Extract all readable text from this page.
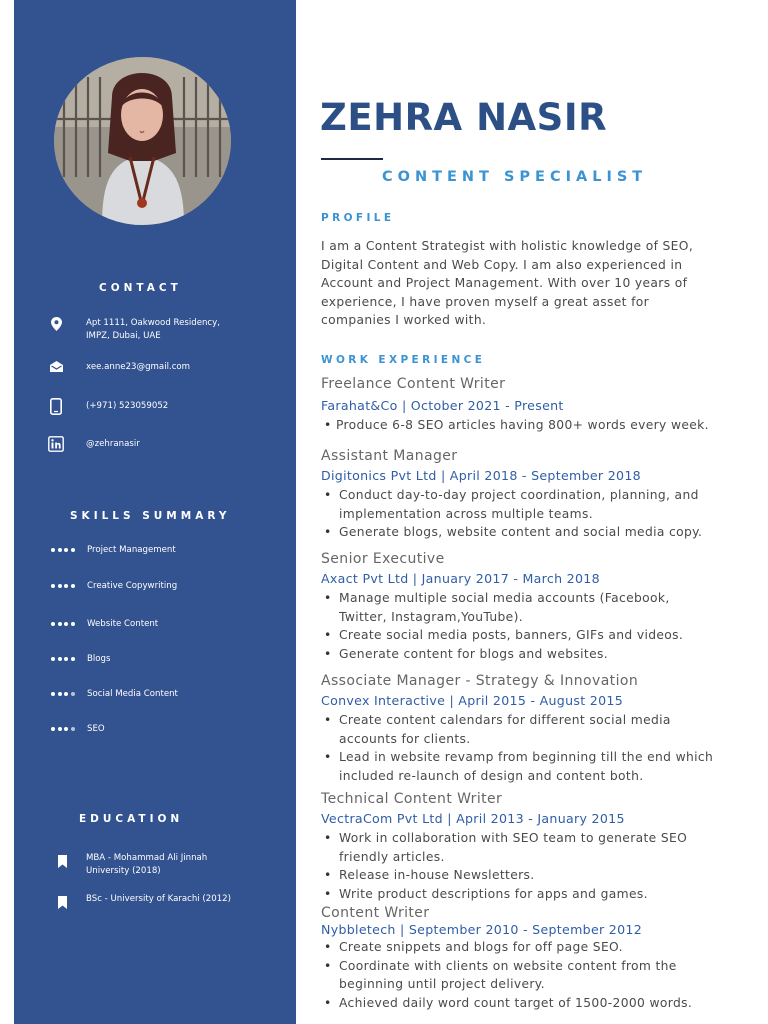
CONTACT
Apt 1111, Oakwood Residency, IMPZ, Dubai, UAE
xee.anne23@gmail.com
(+971) 523059052
@zehranasir
SKILLS SUMMARY
Project Management
Creative Copywriting
Website Content
Blogs
Social Media Content
SEO
EDUCATION
MBA - Mohammad Ali Jinnah University (2018)
BSc - University of Karachi (2012)
ZEHRA NASIR
CONTENT SPECIALIST
PROFILE
I am a Content Strategist with holistic knowledge of SEO, Digital Content and Web Copy. I am also experienced in Account and Project Management. With over 10 years of experience, I have proven myself a great asset for companies I worked with.
WORK EXPERIENCE
Freelance Content Writer
Farahat&Co | October 2021 - Present
• Produce 6-8 SEO articles having 800+ words every week.
Assistant Manager
Digitonics Pvt Ltd | April 2018 - September 2018
• Conduct day-to-day project coordination, planning, and implementation across multiple teams.
• Generate blogs, website content and social media copy.
Senior Executive
Axact Pvt Ltd | January 2017 - March 2018
• Manage multiple social media accounts (Facebook, Twitter, Instagram,YouTube).
• Create social media posts, banners, GIFs and videos.
• Generate content for blogs and websites.
Associate Manager - Strategy & Innovation
Convex Interactive | April 2015 - August 2015
• Create content calendars for different social media accounts for clients.
• Lead in website revamp from beginning till the end which included re-launch of design and content both.
Technical Content Writer
VectraCom Pvt Ltd | April 2013 - January 2015
• Work in collaboration with SEO team to generate SEO friendly articles.
• Release in-house Newsletters.
• Write product descriptions for apps and games.
Content Writer
Nybbletech | September 2010 - September 2012
• Create snippets and blogs for off page SEO.
• Coordinate with clients on website content from the beginning until project delivery.
• Achieved daily word count target of 1500-2000 words.
